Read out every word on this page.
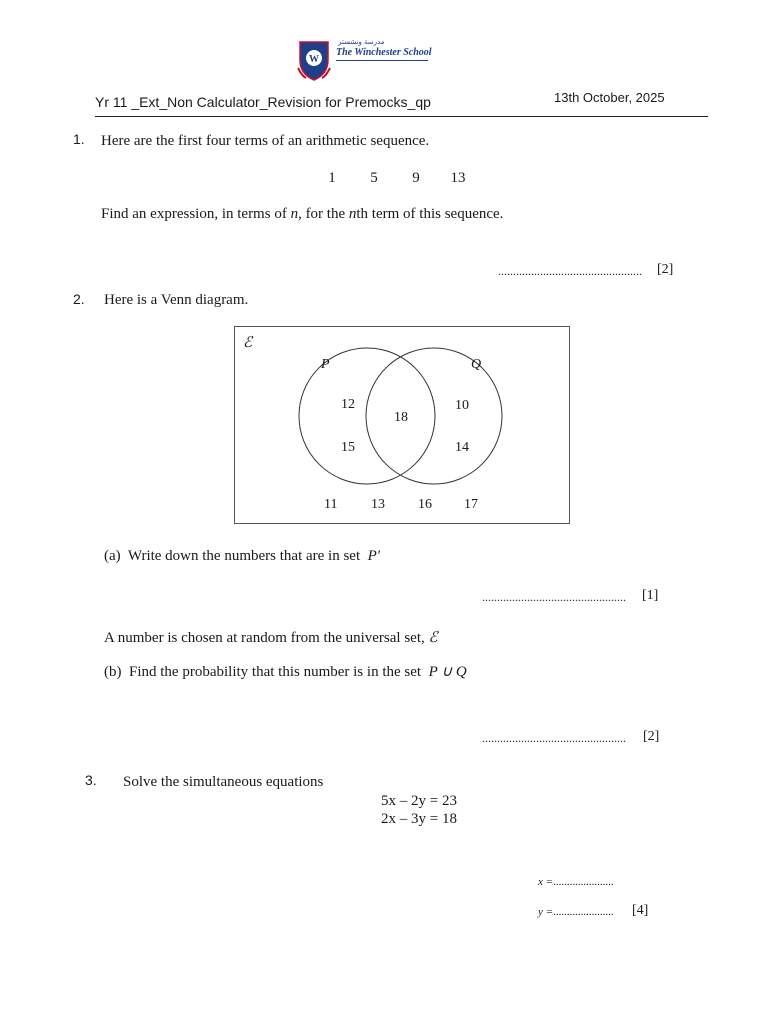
W
مدرسة ونشستر
The Winchester School
Yr 11 _Ext_Non Calculator_Revision for Premocks_qp	13th October, 2025
1. Here are the first four terms of an arithmetic sequence.
1 5 9 13
Find an expression, in terms of n, for the nth term of this sequence.
................................................	[2]
2. Here is a Venn diagram.
ℰ
P	Q
12
15
18
10
14
11 13 16 17
(a) Write down the numbers that are in set P′
................................................	[1]
A number is chosen at random from the universal set, ℰ
(b) Find the probability that this number is in the set P ∪ Q
................................................	[2]
3. Solve the simultaneous equations
5x – 2y = 23
2x – 3y = 18
x =......................
y =...................... [4]
